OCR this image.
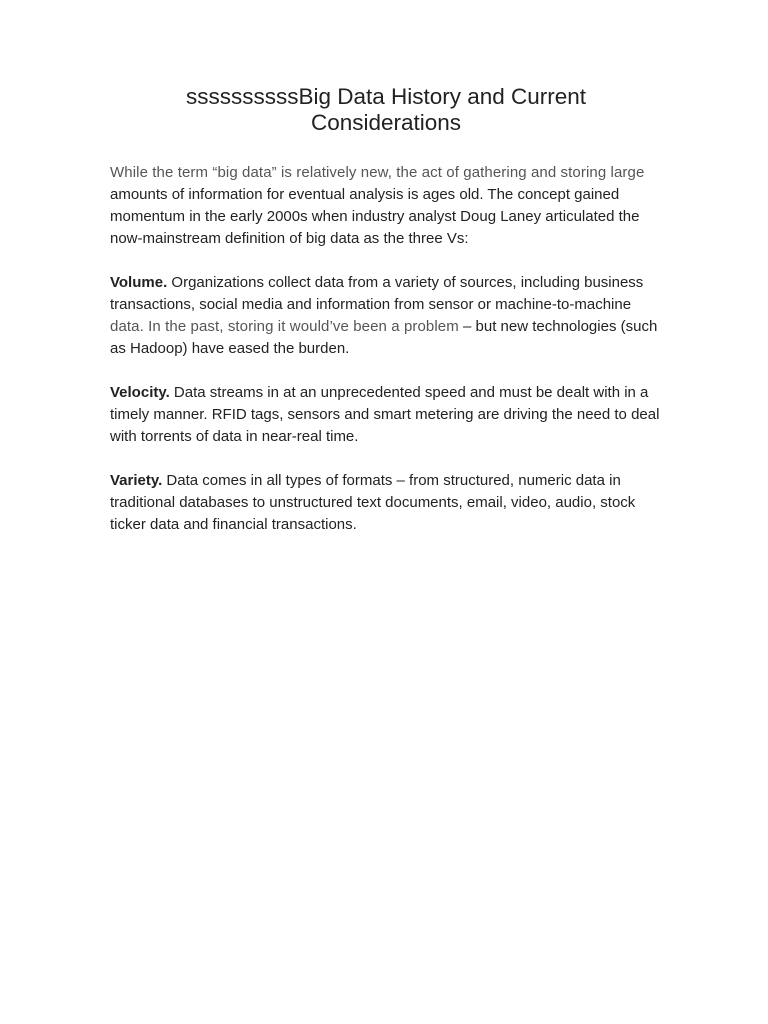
ssssssssssBig Data History and Current Considerations

While the term “big data” is relatively new, the act of gathering and storing large amounts of information for eventual analysis is ages old. The concept gained momentum in the early 2000s when industry analyst Doug Laney articulated the now-mainstream definition of big data as the three Vs:

Volume. Organizations collect data from a variety of sources, including business transactions, social media and information from sensor or machine-to-machine data. In the past, storing it would’ve been a problem – but new technologies (such as Hadoop) have eased the burden.

Velocity. Data streams in at an unprecedented speed and must be dealt with in a timely manner. RFID tags, sensors and smart metering are driving the need to deal with torrents of data in near-real time.

Variety. Data comes in all types of formats – from structured, numeric data in traditional databases to unstructured text documents, email, video, audio, stock ticker data and financial transactions.
